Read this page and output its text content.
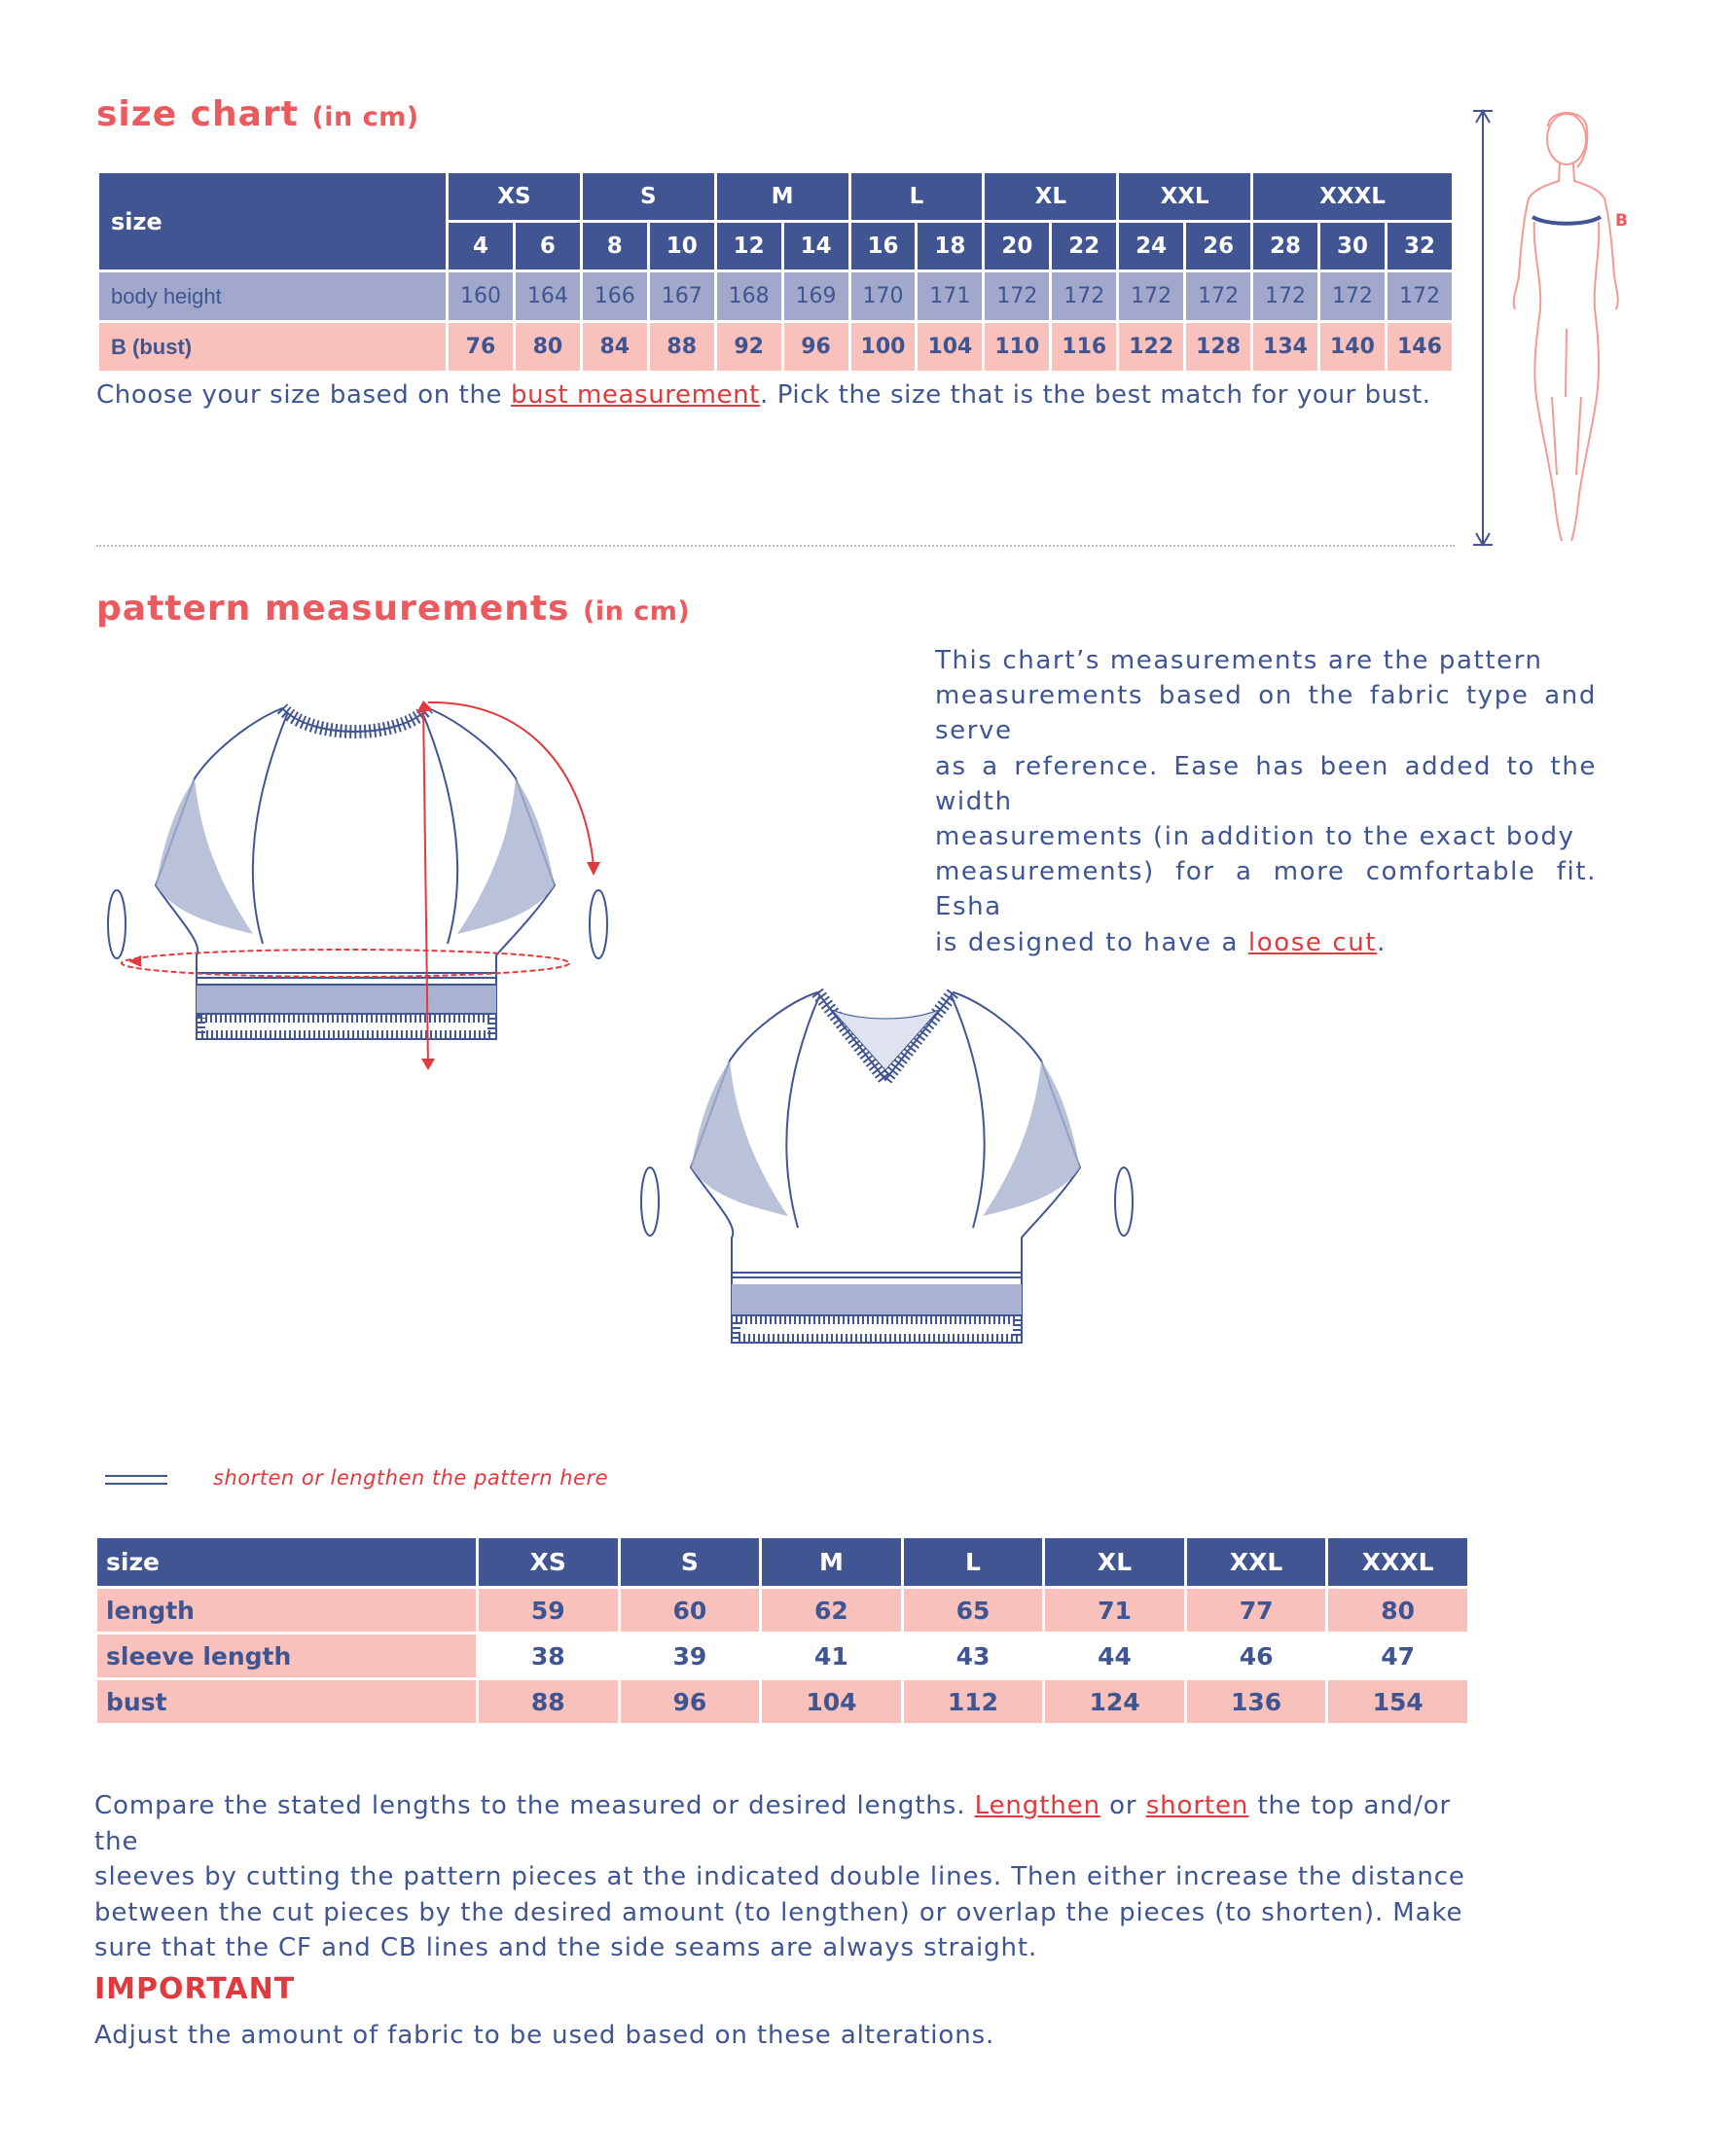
size chart (in cm)
size	XS		S		M		L		XL		XXL		XXXL		
	4	6	8	10	12	14	16	18	20	22	24	26	28	30	32
body height	160	164	166	167	168	169	170	171	172	172	172	172	172	172	172
B (bust)	76	80	84	88	92	96	100	104	110	116	122	128	134	140	146
Choose your size based on the bust measurement. Pick the size that is the best match for your bust.
B
pattern measurements (in cm)
This chart’s measurements are the pattern
measurements based on the fabric type and serve
as a reference. Ease has been added to the width
measurements (in addition to the exact body
measurements) for a more comfortable fit. Esha
is designed to have a loose cut.
shorten or lengthen the pattern here
size	XS	S	M	L	XL	XXL	XXXL
length	59	60	62	65	71	77	80
sleeve length	38	39	41	43	44	46	47
bust	88	96	104	112	124	136	154
Compare the stated lengths to the measured or desired lengths. Lengthen or shorten the top and/or the
sleeves by cutting the pattern pieces at the indicated double lines. Then either increase the distance
between the cut pieces by the desired amount (to lengthen) or overlap the pieces (to shorten). Make
sure that the CF and CB lines and the side seams are always straight.
IMPORTANT
Adjust the amount of fabric to be used based on these alterations.
